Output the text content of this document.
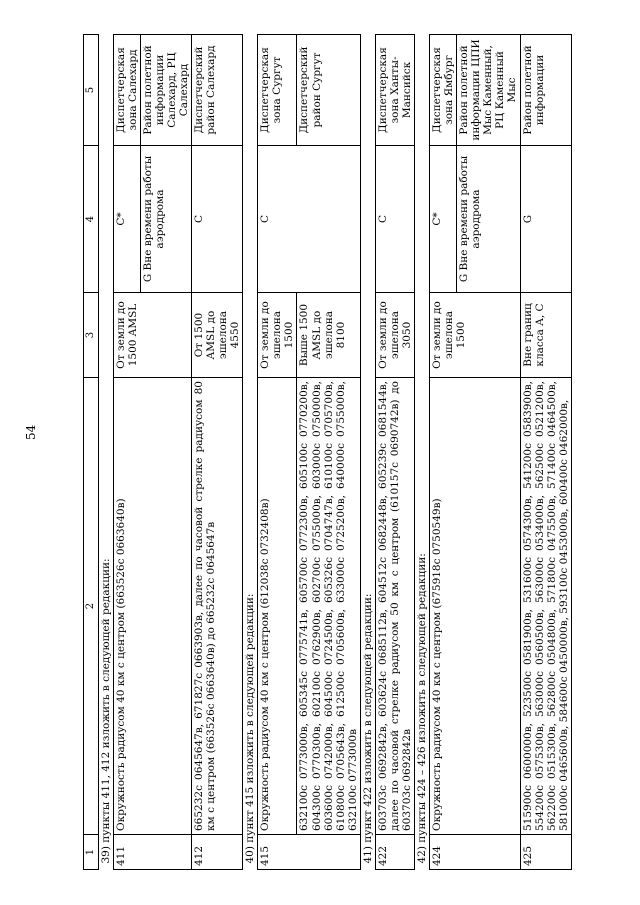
54
1	2	3	4	5
39) пункты 411, 412 изложить в следующей редакции:				
411	Окружность радиусом 40 км с центром (663526с 0663640в)	От земли до 1500 AMSL	C*	Диспетчерская зона Салехард
			G Вне времени работы аэродрома	Район полетной информации Салехард, РЦ Салехард
412	665232с 0645647в, 671827с 0663903в, далее по часовой стрелке радиусом 80 км с центром (663526с 0663640в) до 665232с 0645647в	От 1500 AMSL до эшелона 4550	C	Диспетчерский район Салехард
40) пункт 415 изложить в следующей редакции:				
415	Окружность радиусом 40 км с центром (612038с 0732408в)	От земли до эшелона 1500	C	Диспетчерская зона Сургут
	632100с 0773000в, 605345с 0775741в, 605700с 0772300в, 605100с 0770200в, 604300с 0770300в, 602100с 0762900в, 602700с 0755000в, 603000с 0750000в, 603600с 0742000в, 604500с 0724500в, 605326с 0704747в, 610100с 0705700в, 610800с 0705643в, 612500с 0705600в, 633000с 0725200в, 640000с 0755000в, 632100с 0773000в	Выше 1500 AMSL до эшелона 8100		Диспетчерский район Сургут
41) пункт 422 изложить в следующей редакции:				
422	603703с 0692842в, 603624с 0685112в, 604512с 0682448в, 605239с 0681544в, далее по часовой стрелке радиусом 50 км с центром (610157с 0690742в) до 603703с 0692842в	От земли до эшелона 3050	C	Диспетчерская зона Ханты-Мансийск
42) пункты 424 – 426 изложить в следующей редакции:				
424	Окружность радиусом 40 км с центром (675918с 0750549в)	От земли до эшелона 1500	C*	Диспетчерская зона Ямбург
			G Вне времени работы аэродрома	Район полетной информации ЦПИ Мыс Каменный, РЦ Каменный Мыс
425	515900с 0600000в, 523500с 0581900в, 531600с 0574300в, 541200с 0583900в, 554200с 0575300в, 563000с 0560500в, 563000с 0534000в, 562500с 0521200в, 562200с 0515300в, 562800с 0504800в, 571800с 0475500в, 571400с 0464500в, 581000с 0465600в, 584600с 0450000в, 593100с 0453000в, 600400с 0462000в,	Вне границ класса A, C	G	Район полетной информации
